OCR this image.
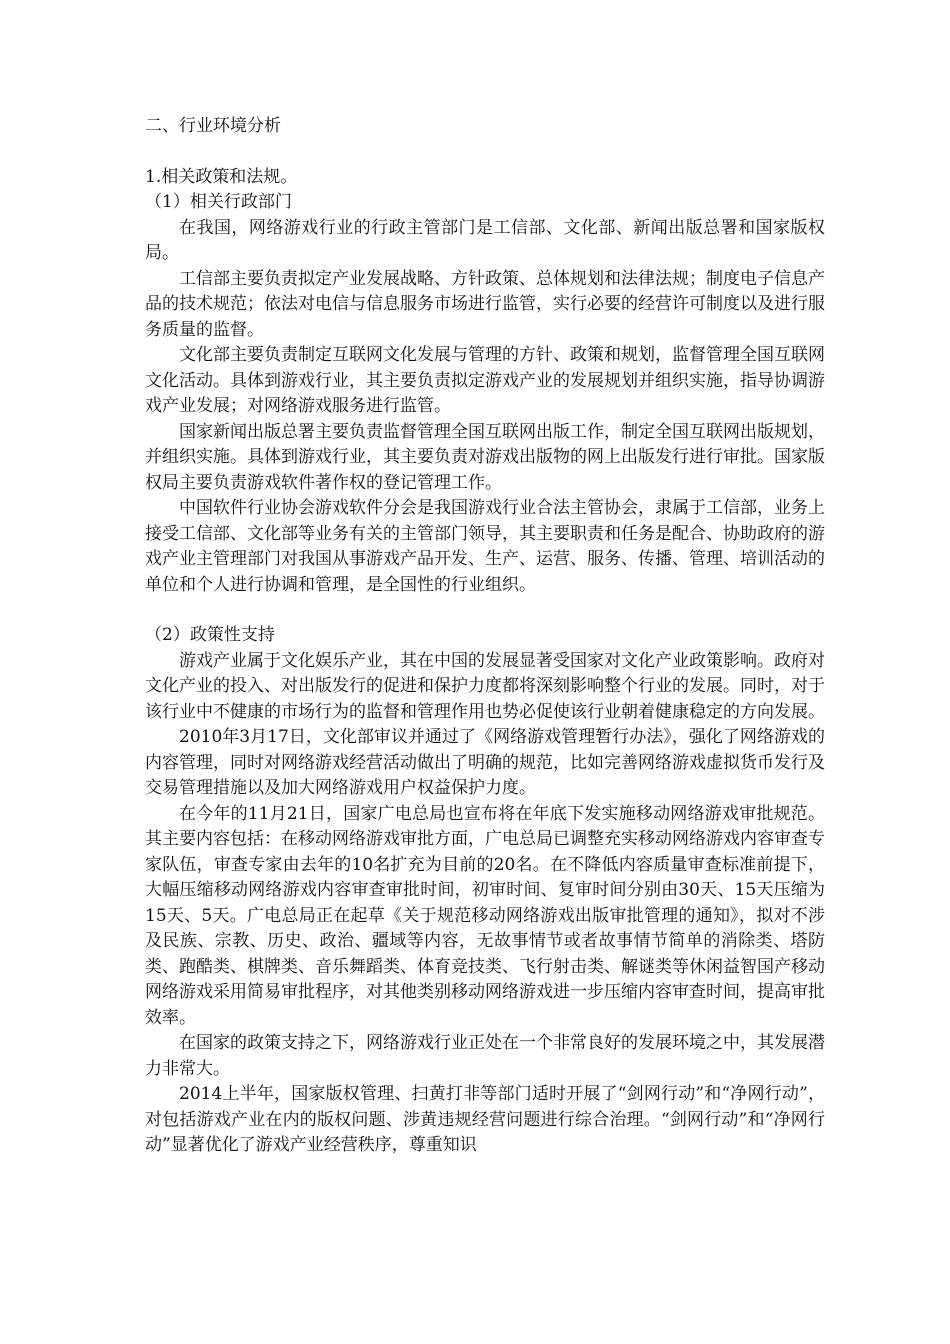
二、行业环境分析

1.相关政策和法规。

（1）相关行政部门

在我国，网络游戏行业的行政主管部门是工信部、文化部、新闻出版总署和国家版权局。

工信部主要负责拟定产业发展战略、方针政策、总体规划和法律法规；制度电子信息产品的技术规范；依法对电信与信息服务市场进行监管，实行必要的经营许可制度以及进行服务质量的监督。

文化部主要负责制定互联网文化发展与管理的方针、政策和规划，监督管理全国互联网文化活动。具体到游戏行业，其主要负责拟定游戏产业的发展规划并组织实施，指导协调游戏产业发展；对网络游戏服务进行监管。

国家新闻出版总署主要负责监督管理全国互联网出版工作，制定全国互联网出版规划，并组织实施。具体到游戏行业，其主要负责对游戏出版物的网上出版发行进行审批。国家版权局主要负责游戏软件著作权的登记管理工作。

中国软件行业协会游戏软件分会是我国游戏行业合法主管协会，隶属于工信部，业务上接受工信部、文化部等业务有关的主管部门领导，其主要职责和任务是配合、协助政府的游戏产业主管理部门对我国从事游戏产品开发、生产、运营、服务、传播、管理、培训活动的单位和个人进行协调和管理，是全国性的行业组织。

（2）政策性支持

游戏产业属于文化娱乐产业，其在中国的发展显著受国家对文化产业政策影响。政府对文化产业的投入、对出版发行的促进和保护力度都将深刻影响整个行业的发展。同时，对于该行业中不健康的市场行为的监督和管理作用也势必促使该行业朝着健康稳定的方向发展。

2010年3月17日，文化部审议并通过了《网络游戏管理暂行办法》，强化了网络游戏的内容管理，同时对网络游戏经营活动做出了明确的规范，比如完善网络游戏虚拟货币发行及交易管理措施以及加大网络游戏用户权益保护力度。

在今年的11月21日，国家广电总局也宣布将在年底下发实施移动网络游戏审批规范。其主要内容包括：在移动网络游戏审批方面，广电总局已调整充实移动网络游戏内容审查专家队伍，审查专家由去年的10名扩充为目前的20名。在不降低内容质量审查标准前提下，大幅压缩移动网络游戏内容审查审批时间，初审时间、复审时间分别由30天、15天压缩为15天、5天。广电总局正在起草《关于规范移动网络游戏出版审批管理的通知》，拟对不涉及民族、宗教、历史、政治、疆域等内容，无故事情节或者故事情节简单的消除类、塔防类、跑酷类、棋牌类、音乐舞蹈类、体育竞技类、飞行射击类、解谜类等休闲益智国产移动网络游戏采用简易审批程序，对其他类别移动网络游戏进一步压缩内容审查时间，提高审批效率。

在国家的政策支持之下，网络游戏行业正处在一个非常良好的发展环境之中，其发展潜力非常大。

2014上半年，国家版权管理、扫黄打非等部门适时开展了“剑网行动”和“净网行动”，对包括游戏产业在内的版权问题、涉黄违规经营问题进行综合治理。“剑网行动”和“净网行动”显著优化了游戏产业经营秩序，尊重知识
